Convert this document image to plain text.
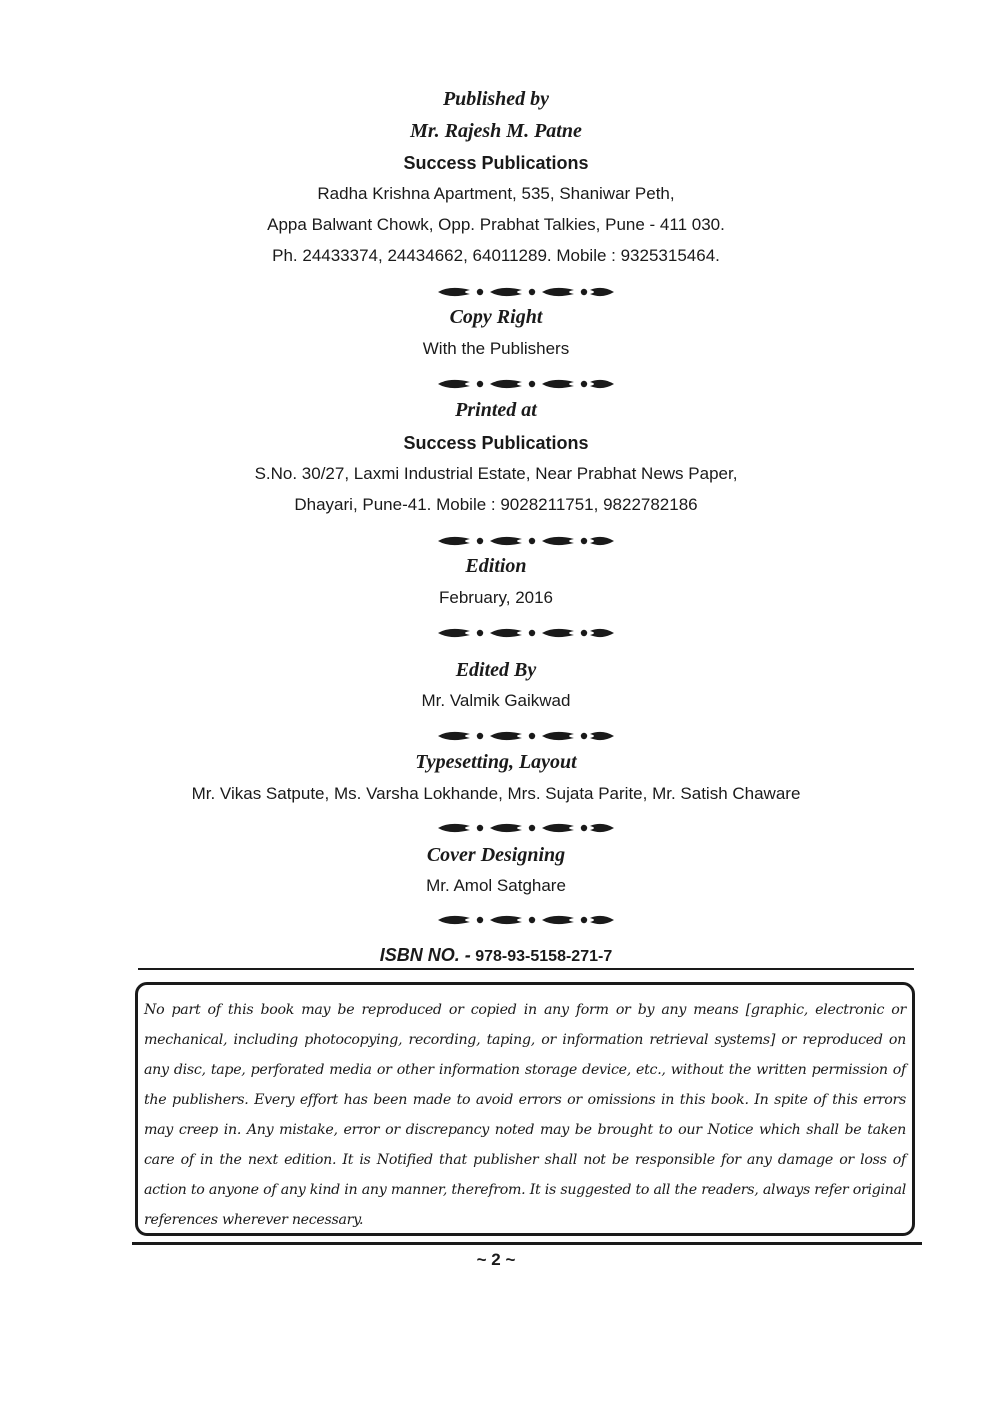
Published by
Mr. Rajesh M. Patne
Success Publications
Radha Krishna Apartment, 535, Shaniwar Peth,
Appa Balwant Chowk, Opp. Prabhat Talkies, Pune - 411 030.
Ph. 24433374, 24434662, 64011289. Mobile : 9325315464.
Copy Right
With the Publishers
Printed at
Success Publications
S.No. 30/27, Laxmi Industrial Estate, Near Prabhat News Paper,
Dhayari, Pune-41. Mobile : 9028211751, 9822782186
Edition
February, 2016
Edited By
Mr. Valmik Gaikwad
Typesetting, Layout
Mr. Vikas Satpute, Ms. Varsha Lokhande, Mrs. Sujata Parite, Mr. Satish Chaware
Cover Designing
Mr. Amol Satghare
ISBN NO. - 978-93-5158-271-7
No part of this book may be reproduced or copied in any form or by any means [graphic, electronic or mechanical, including photocopying, recording, taping, or information retrieval systems] or reproduced on any disc, tape, perforated media or other information storage device, etc., without the written permission of the publishers. Every effort has been made to avoid errors or omissions in this book. In spite of this errors may creep in. Any mistake, error or discrepancy noted may be brought to our Notice which shall be taken care of in the next edition. It is Notified that publisher shall not be responsible for any damage or loss of action to anyone of any kind in any manner, therefrom. It is suggested to all the readers, always refer original references wherever necessary.
~ 2 ~
